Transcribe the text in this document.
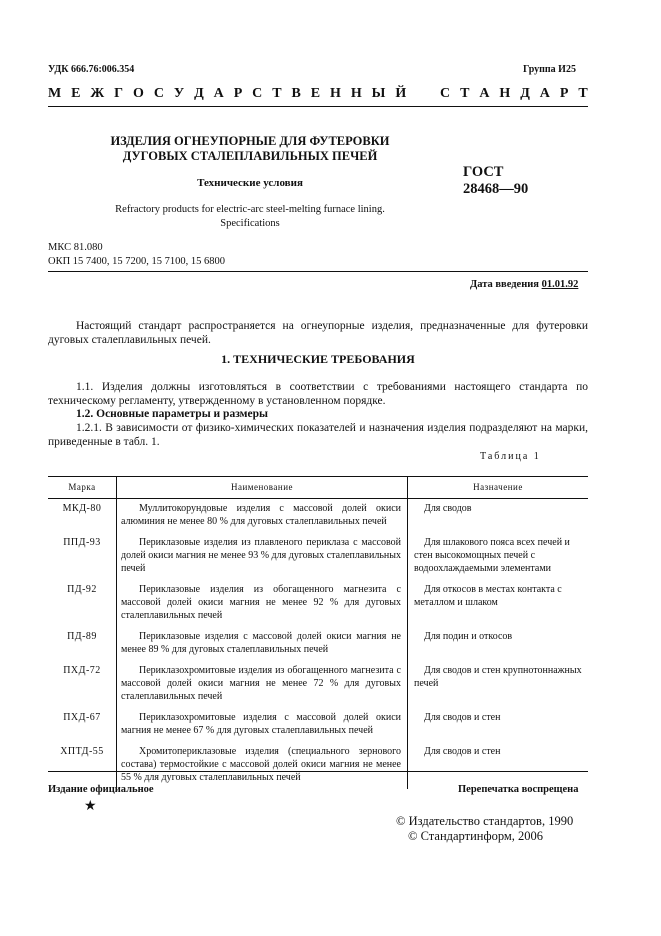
УДК 666.76:006.354	Группа И25
М Е Ж Г О С У Д А Р С Т В Е Н Н Ы Й С Т А Н Д А Р Т
ИЗДЕЛИЯ ОГНЕУПОРНЫЕ ДЛЯ ФУТЕРОВКИ
ДУГОВЫХ СТАЛЕПЛАВИЛЬНЫХ ПЕЧЕЙ
Технические условия
ГОСТ
28468—90
Refractory products for electric-arc steel-melting furnace lining.
Specifications
МКС 81.080
ОКП 15 7400, 15 7200, 15 7100, 15 6800
Дата введения 01.01.92
Настоящий стандарт распространяется на огнеупорные изделия, предназначенные для футеровки дуговых сталеплавильных печей.
1. ТЕХНИЧЕСКИЕ ТРЕБОВАНИЯ
1.1. Изделия должны изготовляться в соответствии с требованиями настоящего стандарта по техническому регламенту, утвержденному в установленном порядке.
1.2. Основные параметры и размеры
1.2.1. В зависимости от физико-химических показателей и назначения изделия подразделяют на марки, приведенные в табл. 1.
Таблица 1
Марка	Наименование	Назначение
МКД-80	Муллитокорундовые изделия с массовой долей окиси алюминия не менее 80 % для дуговых сталеплавильных печей	Для сводов
ППД-93	Периклазовые изделия из плавленого периклаза с массовой долей окиси магния не менее 93 % для дуговых сталеплавильных печей	Для шлакового пояса всех печей и стен высокомощных печей с водоохлаждаемыми элементами
ПД-92	Периклазовые изделия из обогащенного магнезита с массовой долей окиси магния не менее 92 % для дуговых сталеплавильных печей	Для откосов в местах контакта с металлом и шлаком
ПД-89	Периклазовые изделия с массовой долей окиси магния не менее 89 % для дуговых сталеплавильных печей	Для подин и откосов
ПХД-72	Периклазохромитовые изделия из обогащенного магнезита с массовой долей окиси магния не менее 72 % для дуговых сталеплавильных печей	Для сводов и стен крупнотоннажных печей
ПХД-67	Периклазохромитовые изделия с массовой долей окиси магния не менее 67 % для дуговых сталеплавильных печей	Для сводов и стен
ХПТД-55	Хромитопериклазовые изделия (специального зернового состава) термостойкие с массовой долей окиси магния не менее 55 % для дуговых сталеплавильных печей	Для сводов и стен
Издание официальное	Перепечатка воспрещена
★
© Издательство стандартов, 1990
© Стандартинформ, 2006
